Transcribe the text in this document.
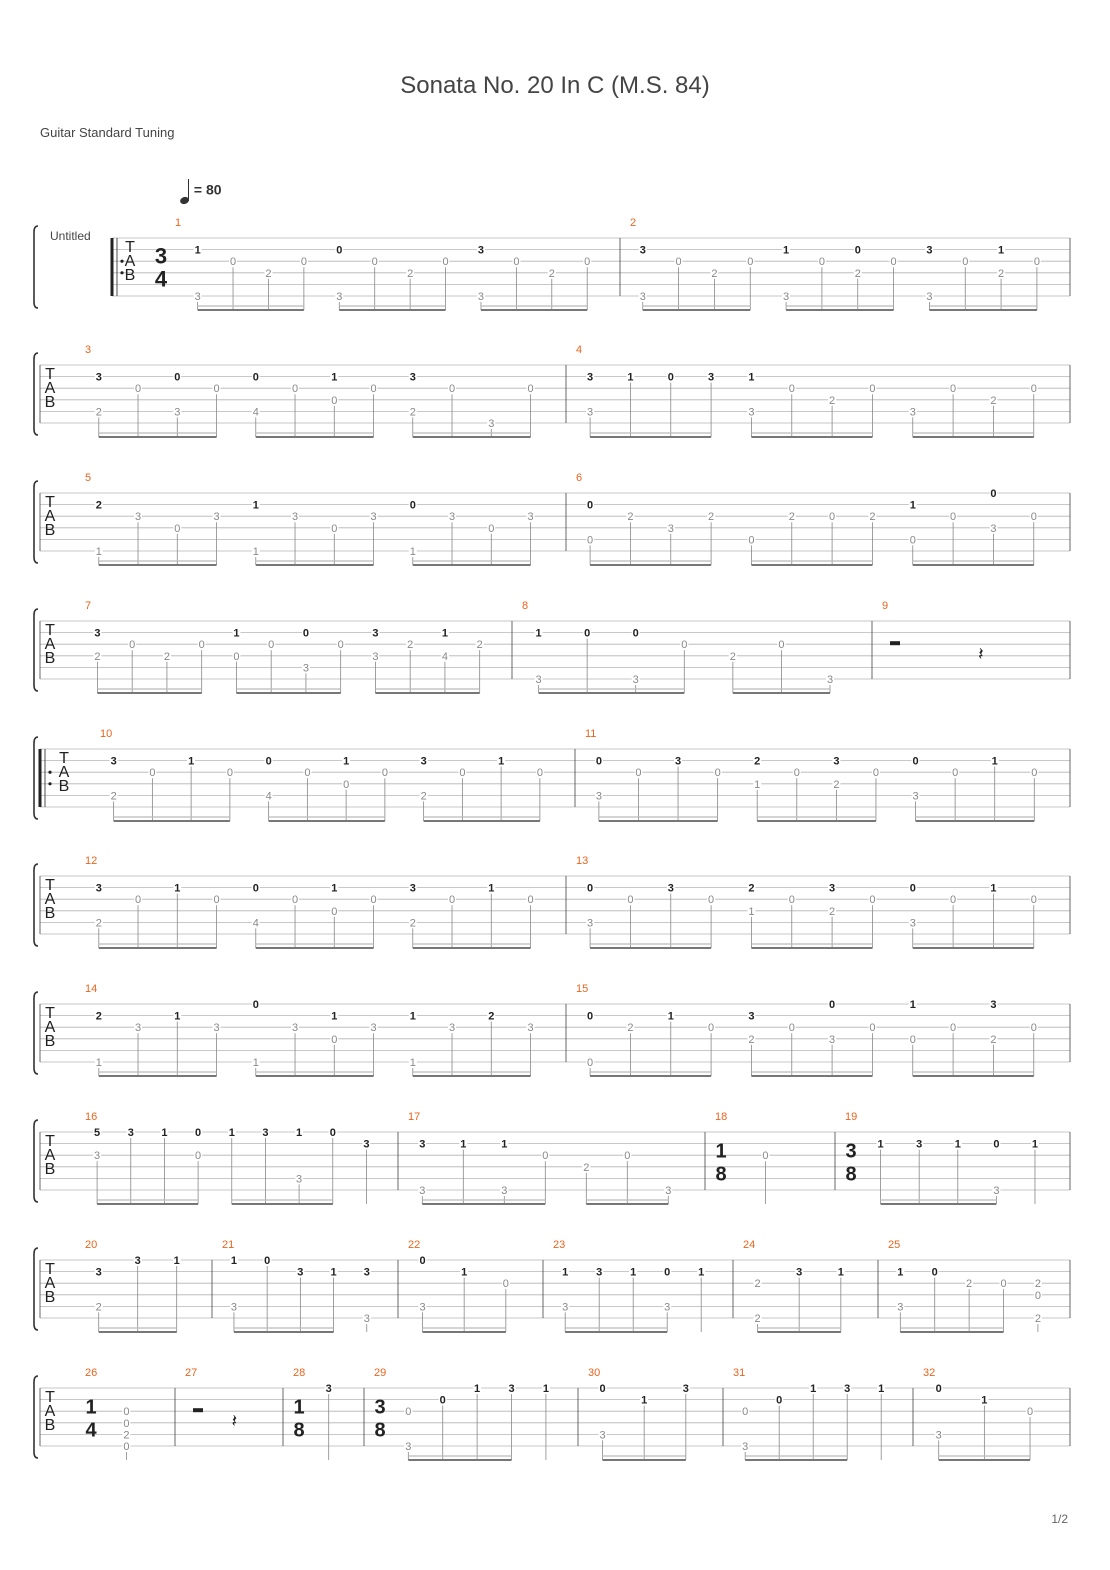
Sonata No. 20 In C (M.S. 84)
Guitar Standard Tuning
= 80
Untitled
1/2
T
A
B
3
4
1
1
3
0
2
0
0
3
0
2
0
3
3
0
2
0
2
3
3
0
2
0
1
3
0
0
2
0
3
3
0
1
2
0
T
A
B
3
3
2
0
0
3
0
0
4
0
1
0
0
3
2
0
3
0
4
3
3
1	0	3	1
3
0
2
0
3
0
2
0
T
A
B
5
2
1
3
0
3
1
1
3
0
3
0
1
3
0
3
6
0
0
2
3
2
0
2	0	2
1
0
0
0
3
0
T
A
B
7
3
2
0
2
0
1
0
0
0
3
0
3
3
2
1
4
2
8
1
3
0	0
3
0
2
0
3
9
𝄽
T
A
B
10
3
2
0
1
0
0
4
0
1
0
0
3
2
0
1
0
11
0
3
0
3
0
2
1
0
3
2
0
0
3
0
1
0
T
A
B
12
3
2
0
1
0
0
4
0
1
0
0
3
2
0
1
0
13
0
3
0
3
0
2
1
0
3
2
0
0
3
0
1
0
T
A
B
14
2
1
3
1
3
0
1
3
1
0
3
1
1
3
2
3
15
0
0
2
1
0
3
2
0
0
3
0
1
0
0
3
2
0
T
A
B
16
5
3
3	1	0
0
1	3	1
3
0
3
17
3
3
1	1
3
0
2
0
3
18
1
8
0
19
3
8
1	3	1	0
3
1
T
A
B
20
3
2
3	1
21
1
3
0
3 1 3
3
22
0
3
1
0
23
1
3
3	1	0
3
1
24
2
2
3	1
25
1
3
0
2	0	2
0
2
T
A
B
26
1
4
0
0
2
0
27
𝄽
28
1
8
3
29
3
8
0
3
0
1	3	1
30
0
3
1
3
31
0
3
0
1	3	1
32
0
3
1
0
